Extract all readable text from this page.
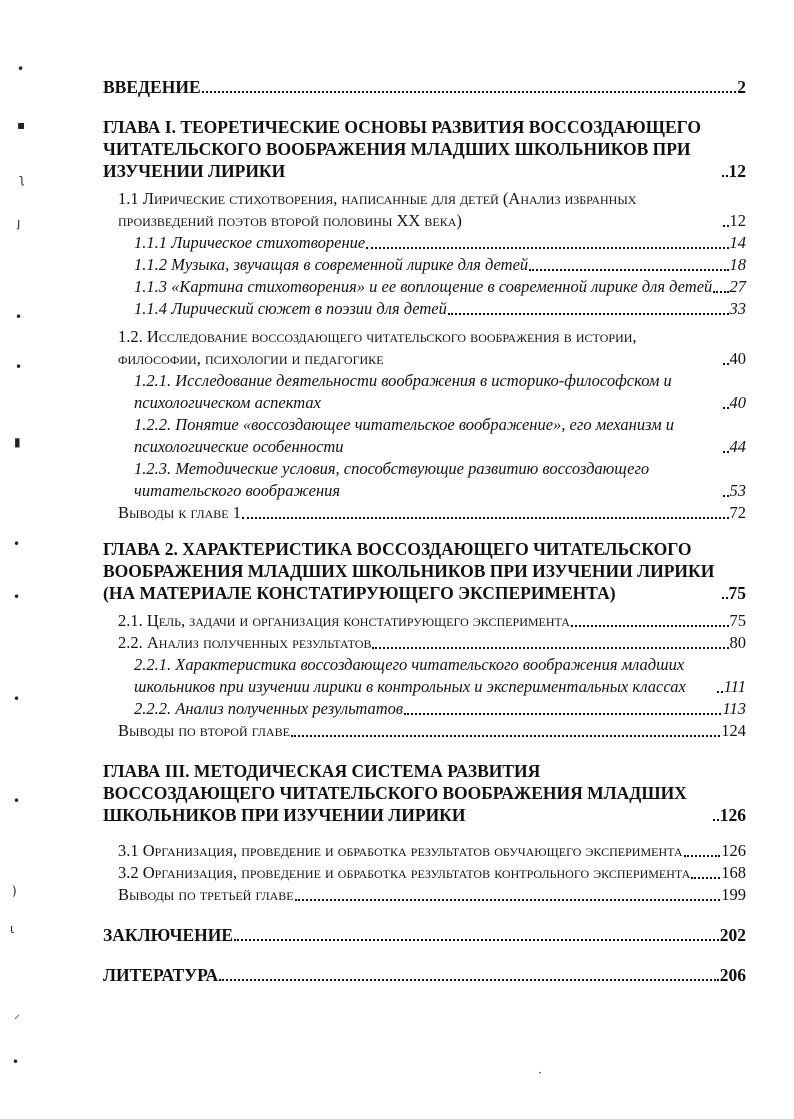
•
▪
ʅ
ȷ
•
•
▮
•
•
•
•
)
ɩ
⸝
•
·
ВВЕДЕНИЕ	2
ГЛАВА I. ТЕОРЕТИЧЕСКИЕ ОСНОВЫ РАЗВИТИЯ ВОССОЗДАЮЩЕГО ЧИТАТЕЛЬСКОГО ВООБРАЖЕНИЯ МЛАДШИХ ШКОЛЬНИКОВ ПРИ ИЗУЧЕНИИ ЛИРИКИ	12
1.1 Лирические стихотворения, написанные для детей (Анализ избранных произведений поэтов второй половины XX века)	12
1.1.1 Лирическое стихотворение	14
1.1.2 Музыка, звучащая в современной лирике для детей	18
1.1.3 «Картина стихотворения» и ее воплощение в современной лирике для детей 27
1.1.4 Лирический сюжет в поэзии для детей	33
1.2. Исследование воссоздающего читательского воображения в истории, философии, психологии и педагогике	40
1.2.1. Исследование деятельности воображения в историко-философском и психологическом аспектах	40
1.2.2. Понятие «воссоздающее читательское воображение», его механизм и психологические особенности	44
1.2.3. Методические условия, способствующие развитию воссоздающего читательского воображения	53
Выводы к главе 1	72
ГЛАВА 2. ХАРАКТЕРИСТИКА ВОССОЗДАЮЩЕГО ЧИТАТЕЛЬСКОГО ВООБРАЖЕНИЯ МЛАДШИХ ШКОЛЬНИКОВ ПРИ ИЗУЧЕНИИ ЛИРИКИ (НА МАТЕРИАЛЕ КОНСТАТИРУЮЩЕГО ЭКСПЕРИМЕНТА)	75
2.1. Цель, задачи и организация констатирующего эксперимента	75
2.2. Анализ полученных результатов	80
2.2.1. Характеристика воссоздающего читательского воображения младших школьников при изучении лирики в контрольных и экспериментальных классах	111
2.2.2. Анализ полученных результатов	113
Выводы по второй главе	124
ГЛАВА III. МЕТОДИЧЕСКАЯ СИСТЕМА РАЗВИТИЯ ВОССОЗДАЮЩЕГО ЧИТАТЕЛЬСКОГО ВООБРАЖЕНИЯ МЛАДШИХ ШКОЛЬНИКОВ ПРИ ИЗУЧЕНИИ ЛИРИКИ	126
3.1 Организация, проведение и обработка результатов обучающего эксперимента 126
3.2 Организация, проведение и обработка результатов контрольного эксперимента 168
Выводы по третьей главе	199
ЗАКЛЮЧЕНИЕ	202
ЛИТЕРАТУРА	206
